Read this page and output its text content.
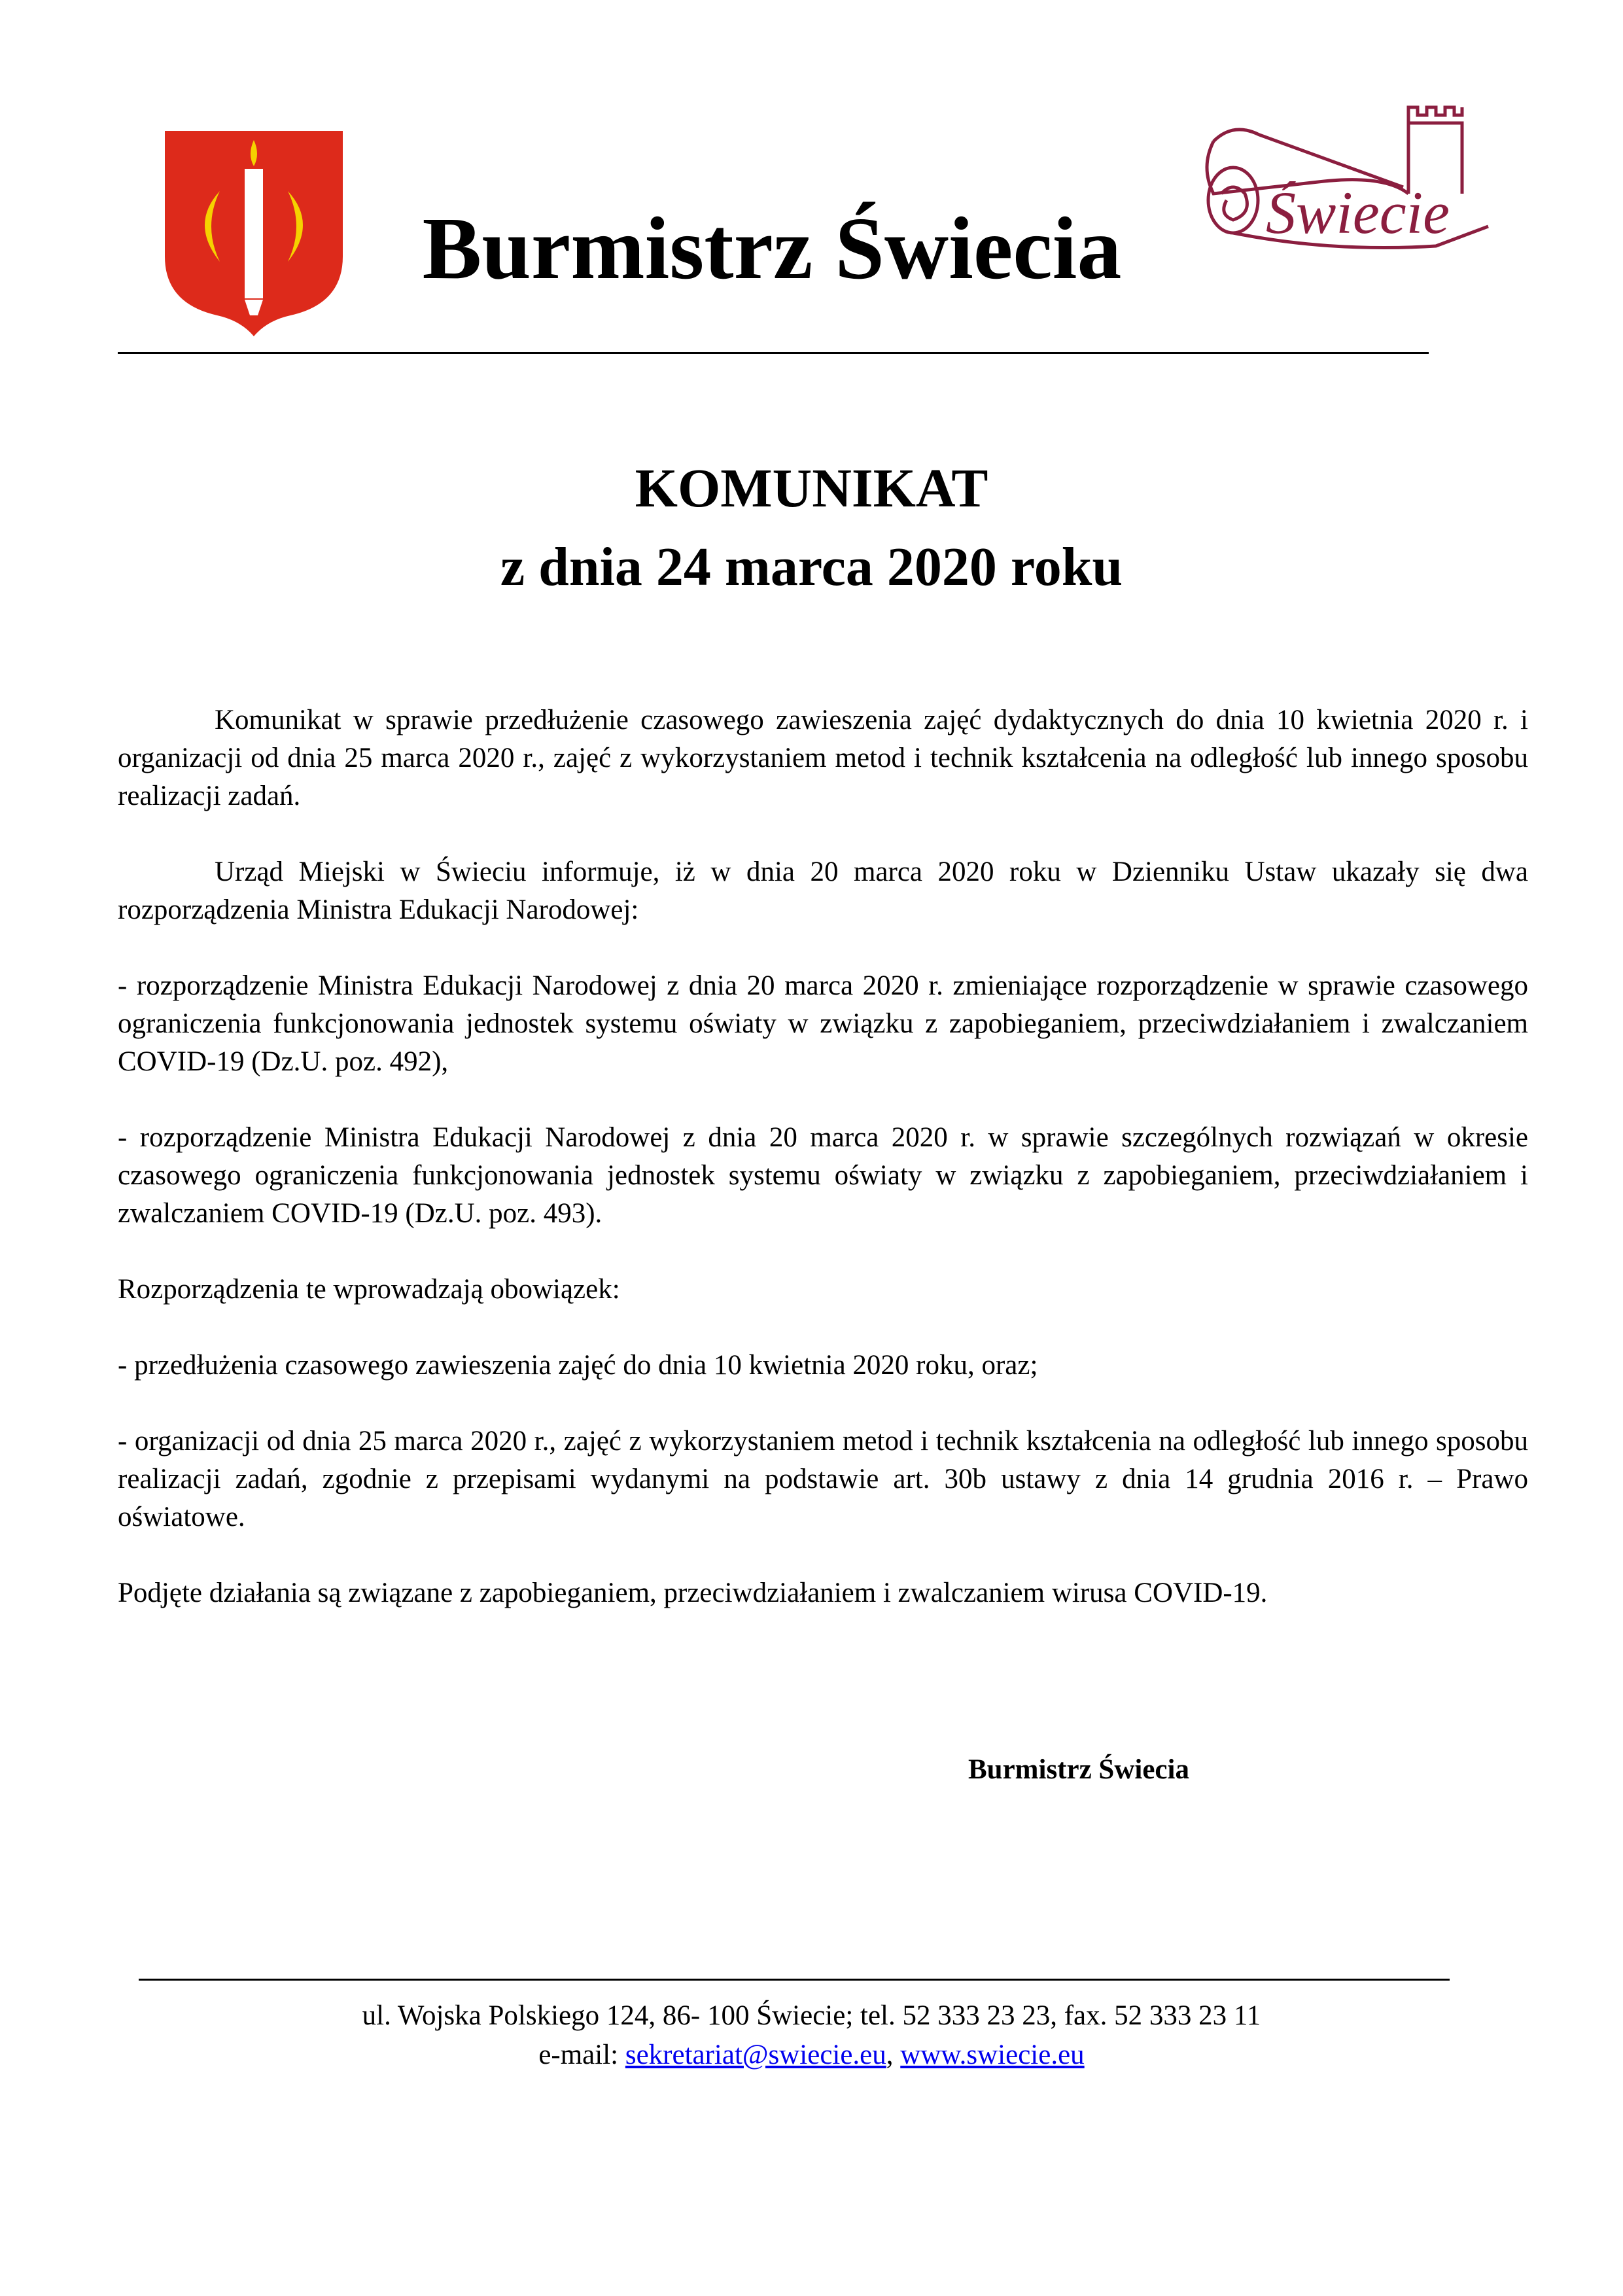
Świecie
Burmistrz Świecia
KOMUNIKAT
z dnia 24 marca 2020 roku

Komunikat w sprawie przedłużenie czasowego zawieszenia zajęć dydaktycznych do dnia 10 kwietnia 2020 r. i organizacji od dnia 25 marca 2020 r., zajęć z wykorzystaniem metod i technik kształcenia na odległość lub innego sposobu realizacji zadań.

Urząd Miejski w Świeciu informuje, iż w dnia 20 marca 2020 roku w Dzienniku Ustaw ukazały się dwa rozporządzenia Ministra Edukacji Narodowej:

- rozporządzenie Ministra Edukacji Narodowej z dnia 20 marca 2020 r. zmieniające rozporządzenie w sprawie czasowego ograniczenia funkcjonowania jednostek systemu oświaty w związku z zapobieganiem, przeciwdziałaniem i zwalczaniem COVID-19 (Dz.U. poz. 492),

- rozporządzenie Ministra Edukacji Narodowej z dnia 20 marca 2020 r. w sprawie szczególnych rozwiązań w okresie czasowego ograniczenia funkcjonowania jednostek systemu oświaty w związku z zapobieganiem, przeciwdziałaniem i zwalczaniem COVID-19 (Dz.U. poz. 493).

Rozporządzenia te wprowadzają obowiązek:

- przedłużenia czasowego zawieszenia zajęć do dnia 10 kwietnia 2020 roku, oraz;

- organizacji od dnia 25 marca 2020 r., zajęć z wykorzystaniem metod i technik kształcenia na odległość lub innego sposobu realizacji zadań, zgodnie z przepisami wydanymi na podstawie art. 30b ustawy z dnia 14 grudnia 2016 r. – Prawo oświatowe.

Podjęte działania są związane z zapobieganiem, przeciwdziałaniem i zwalczaniem wirusa COVID-19.

Burmistrz Świecia
ul. Wojska Polskiego 124, 86- 100 Świecie; tel. 52 333 23 23, fax. 52 333 23 11
e-mail: sekretariat@swiecie.eu, www.swiecie.eu
